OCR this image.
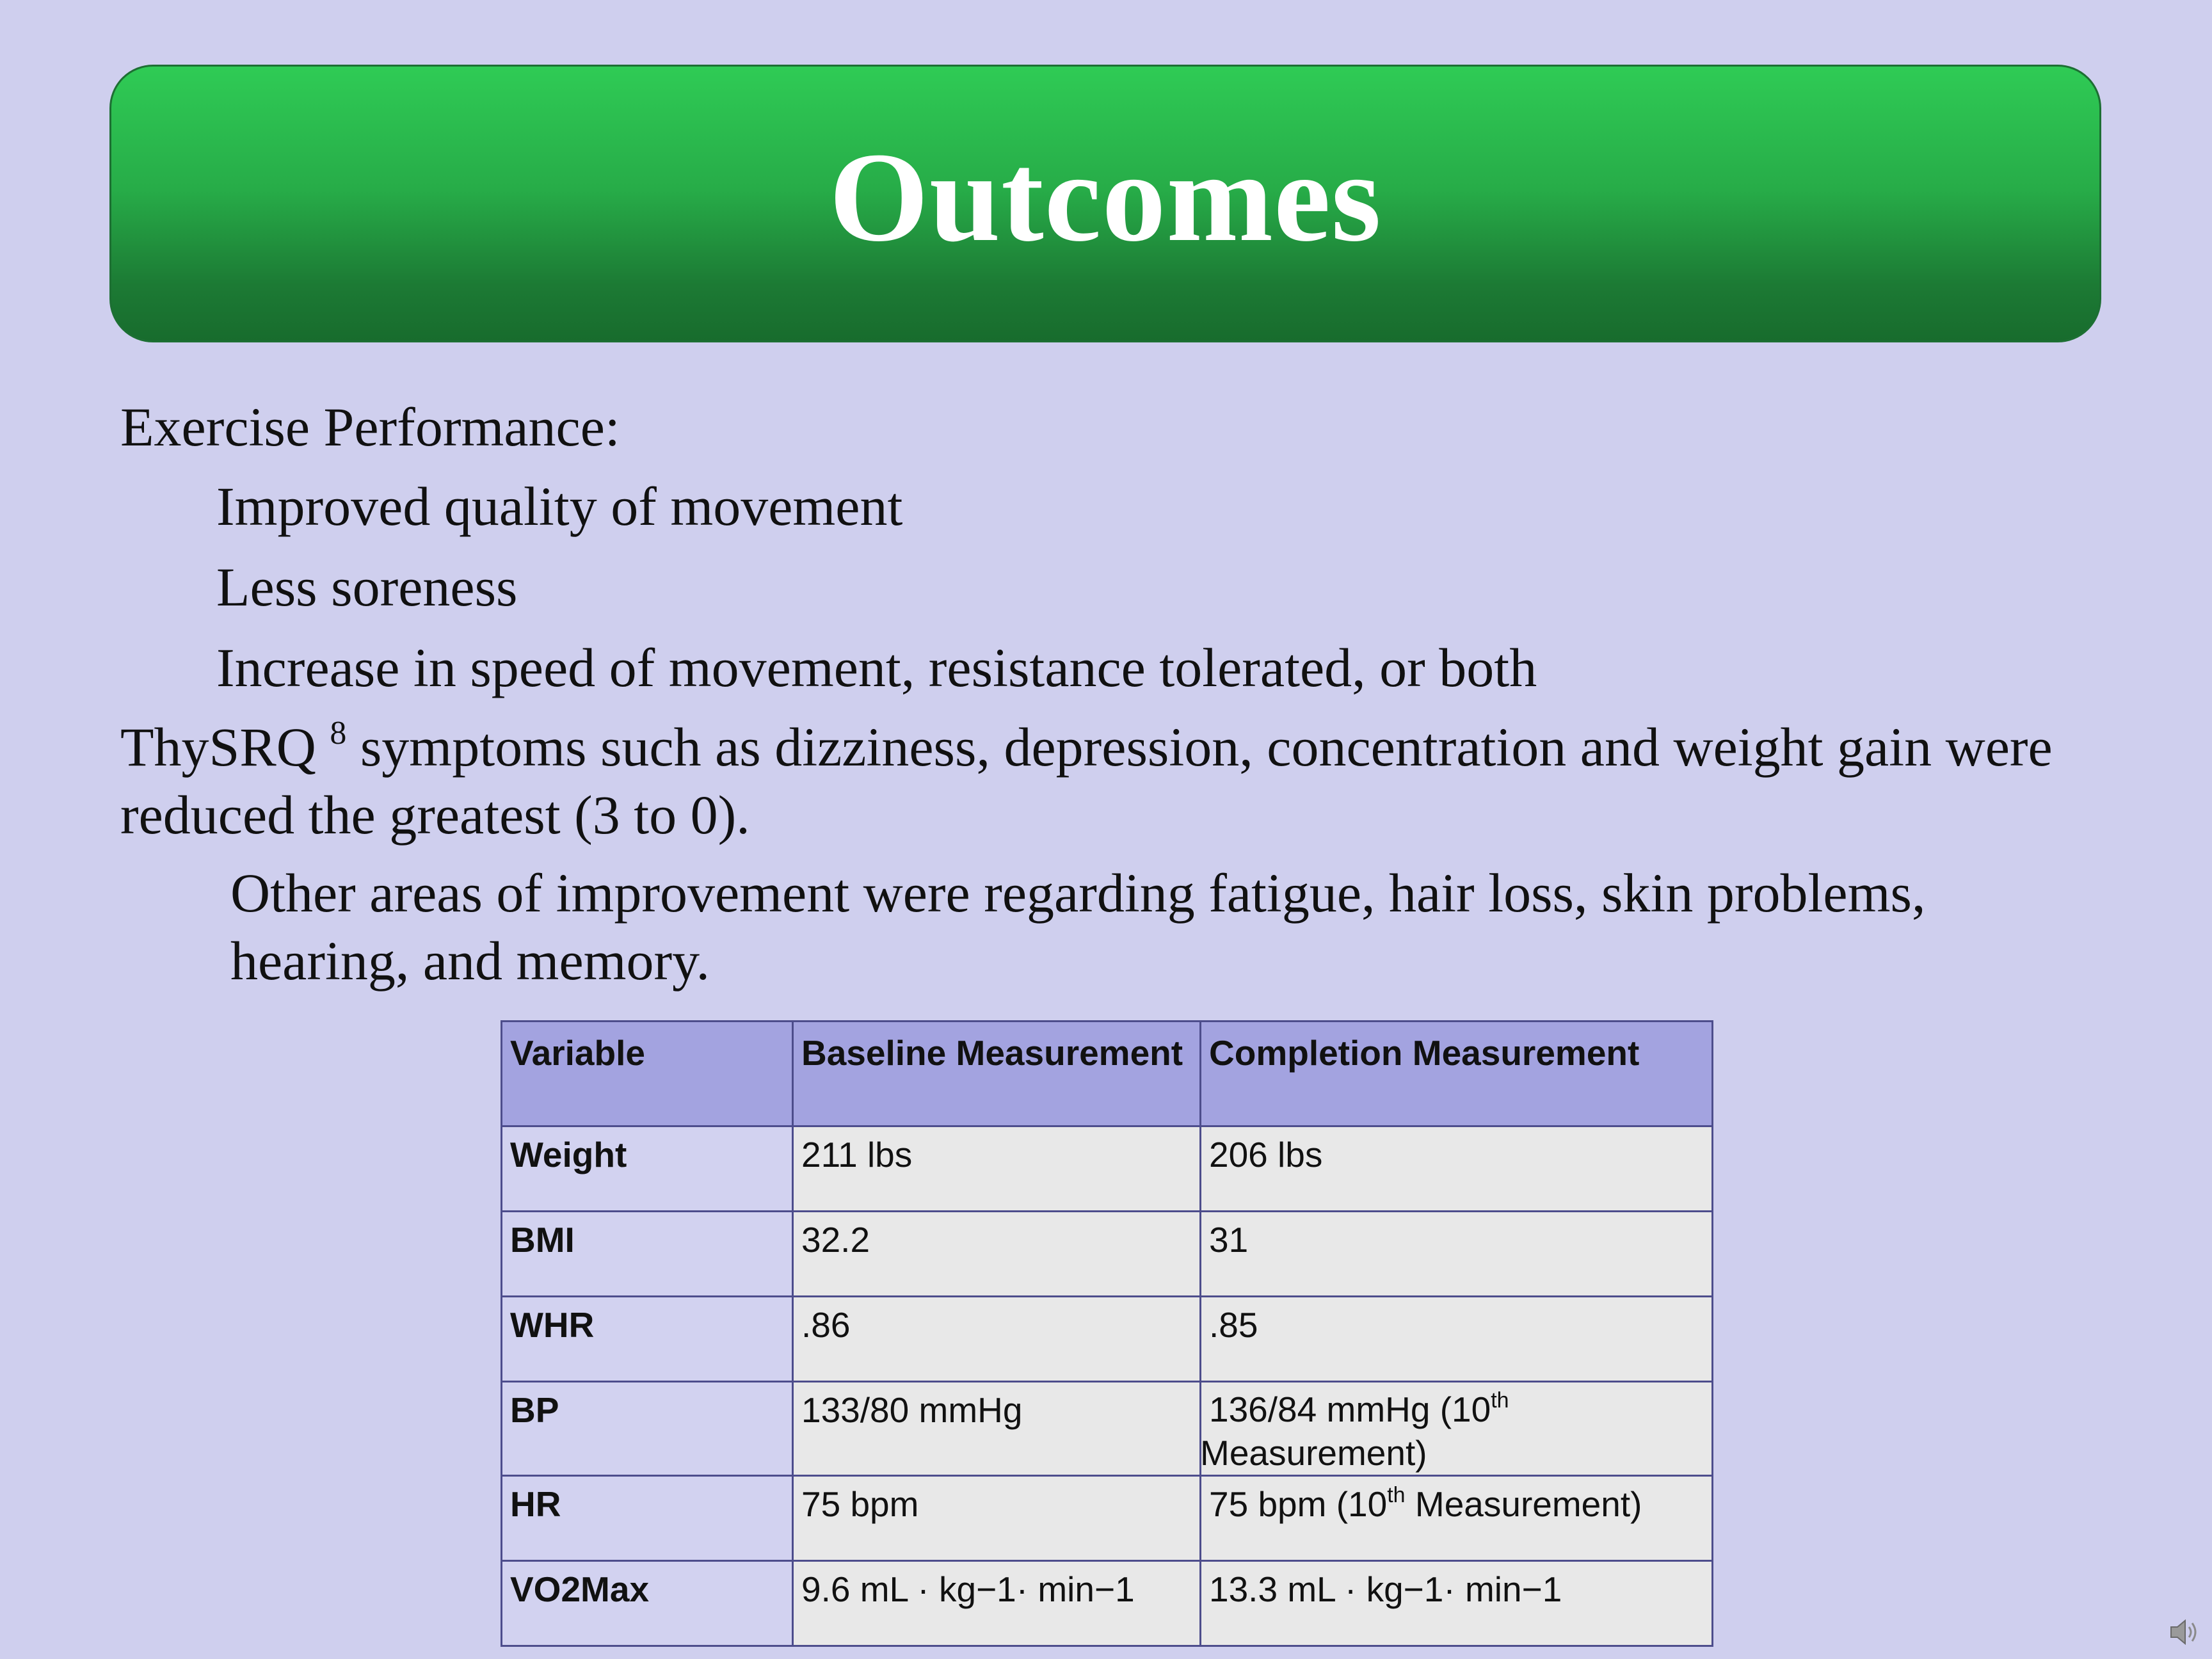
Outcomes
Exercise Performance:
Improved quality of movement
Less soreness
Increase in speed of movement, resistance tolerated, or both
ThySRQ $^8$ symptoms such as dizziness, depression, concentration and weight gain were
reduced the greatest (3 to 0).
Other areas of improvement were regarding fatigue, hair loss, skin problems,
hearing, and memory.
Variable	Baseline Measurement	Completion Measurement
Weight	211 lbs	206 lbs
BMI	32.2	31
WHR	.86	.85
BP	133/80 mmHg	136/84 mmHg (10th
Measurement)
HR	75 bpm	75 bpm (10th Measurement)
VO2Max	9.6 mL · kg−1· min−1	13.3 mL · kg−1· min−1
